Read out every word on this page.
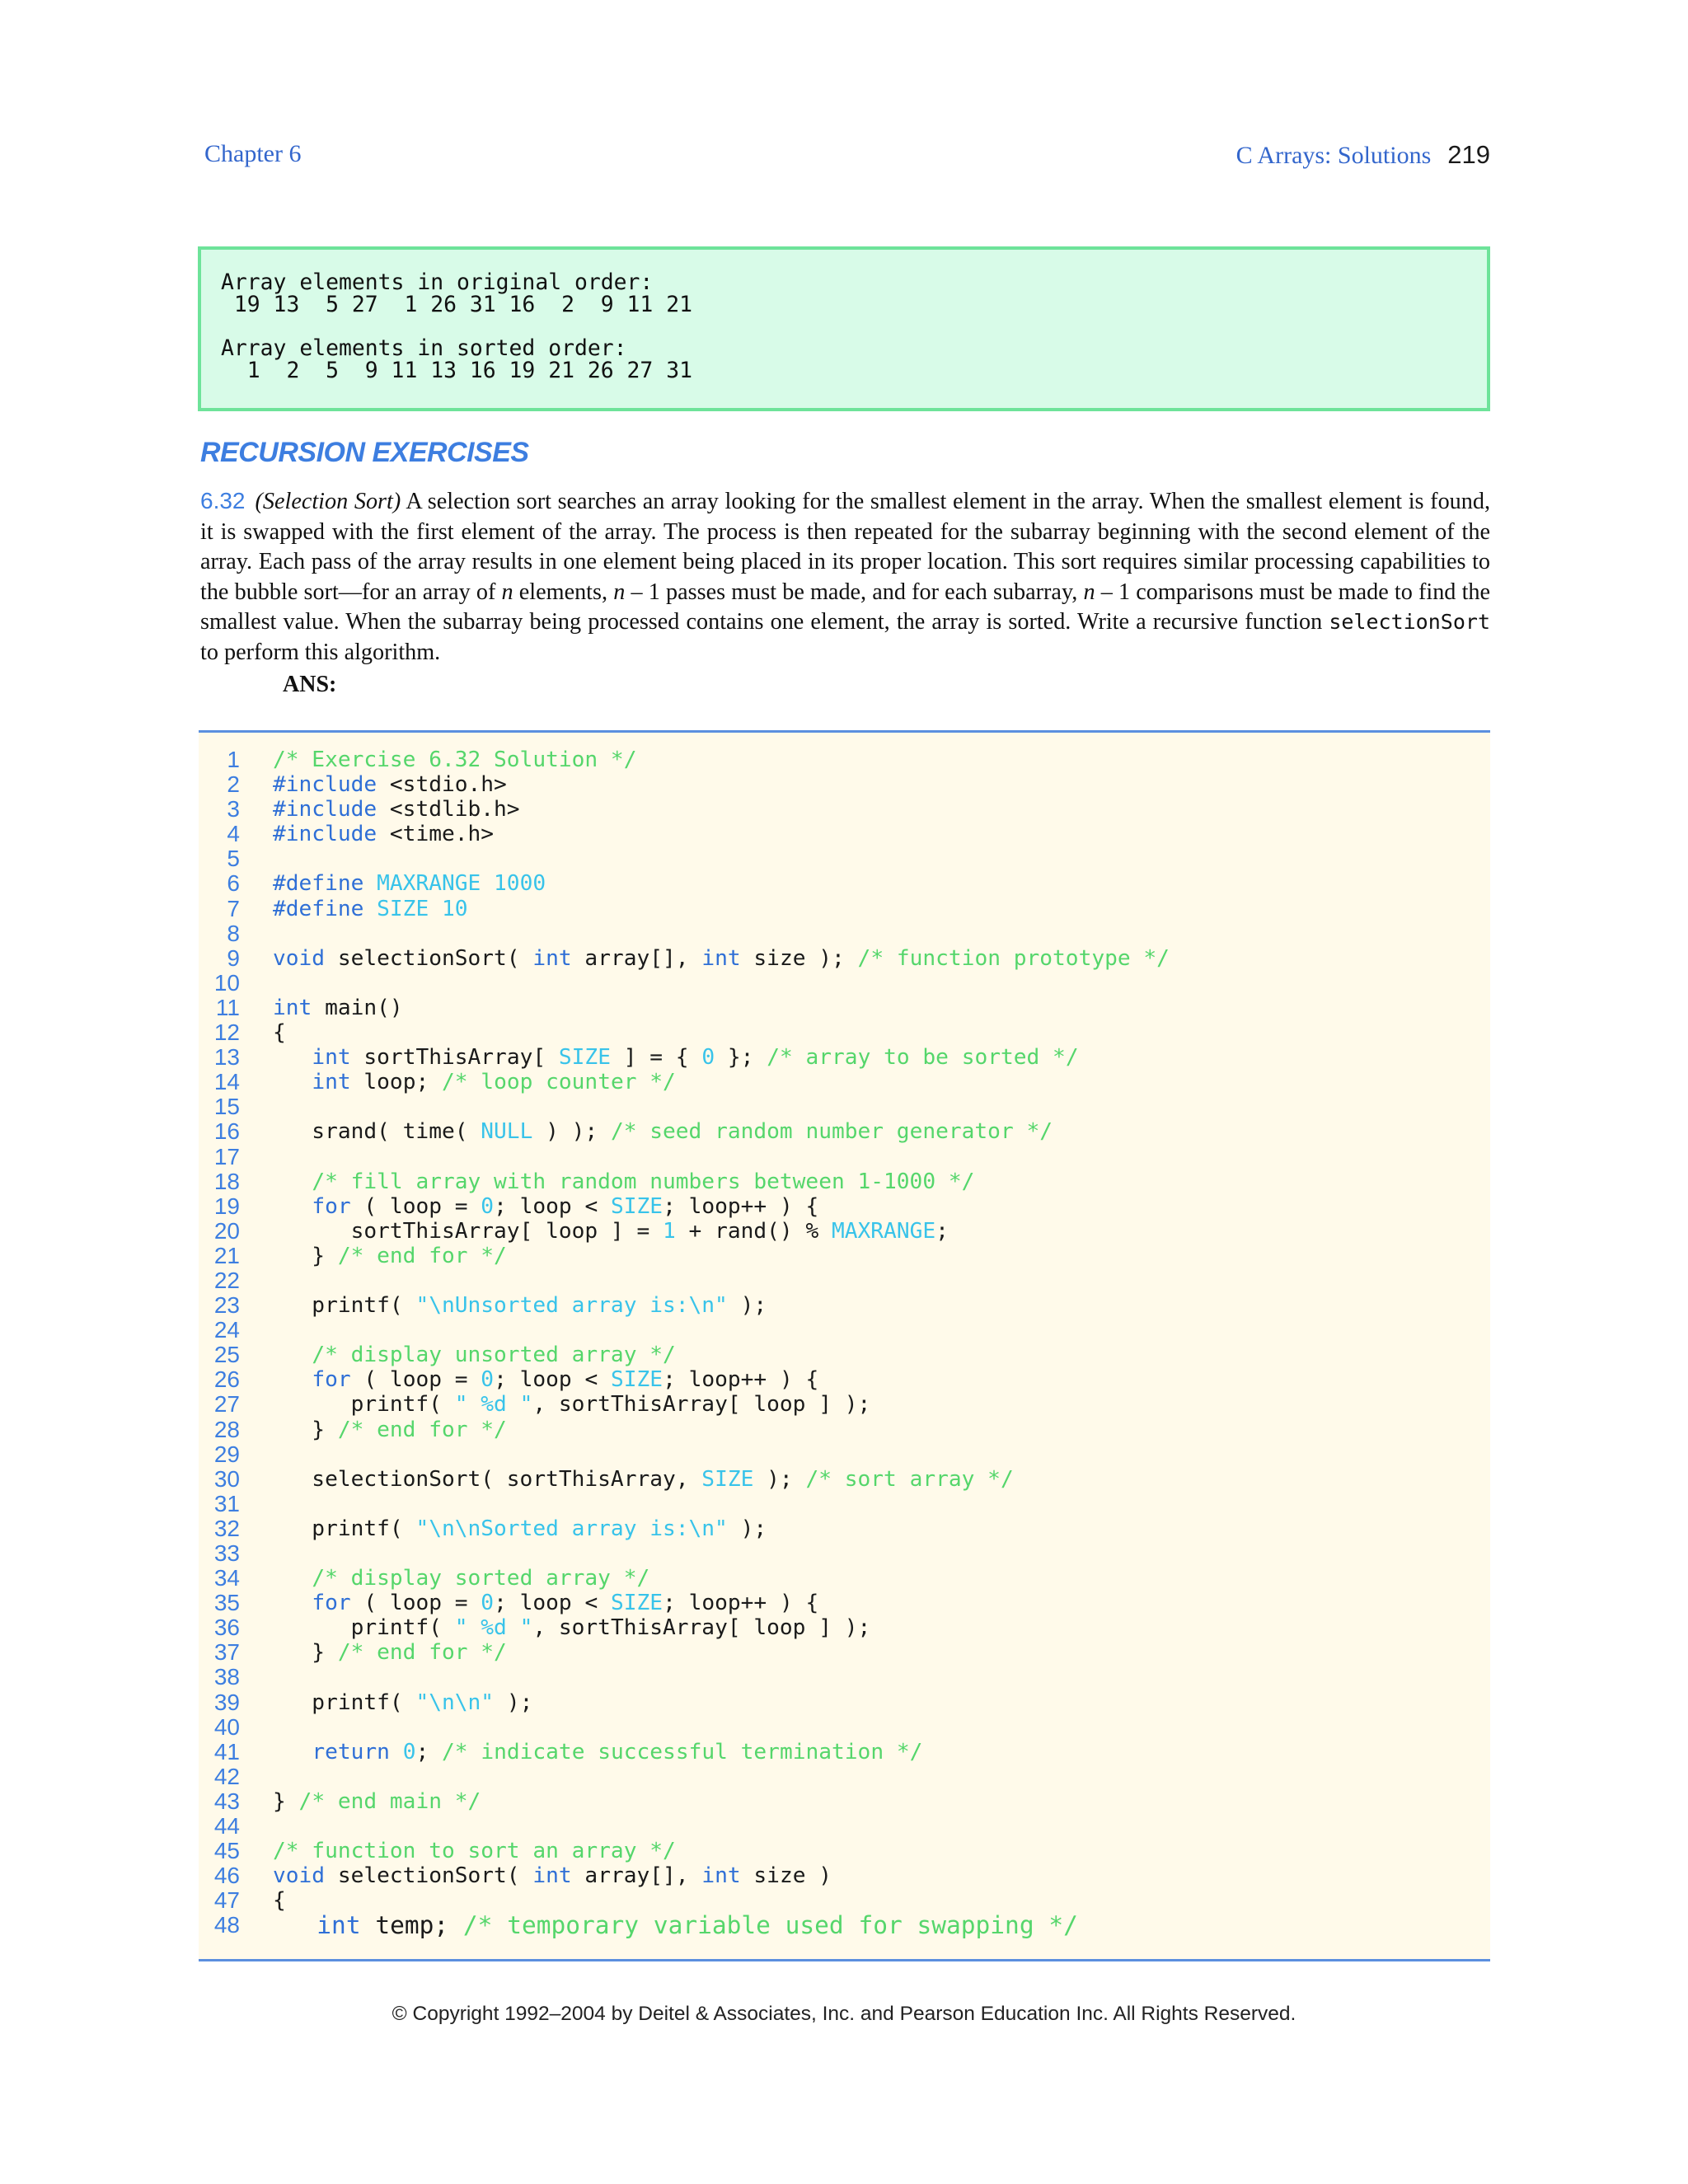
Chapter 6	C Arrays: Solutions 219
Array elements in original order:
19 13  5 27  1 26 31 16  2  9 11 21
Array elements in sorted order:
1  2  5  9 11 13 16 19 21 26 27 31
RECURSION EXERCISES
6.32 (Selection Sort) A selection sort searches an array looking for the smallest element in the array. When the smallest element is found, it is swapped with the first element of the array. The process is then repeated for the subarray beginning with the second element of the array. Each pass of the array results in one element being placed in its proper location. This sort requires similar processing capabilities to the bubble sort—for an array of n elements, n – 1 passes must be made, and for each subarray, n – 1 comparisons must be made to find the smallest value. When the subarray being processed contains one element, the array is sorted. Write a recursive function selectionSort to perform this algorithm.
ANS:
1 /* Exercise 6.32 Solution */
2 #include <stdio.h>
3 #include <stdlib.h>
4 #include <time.h>
5
6 #define MAXRANGE 1000
7 #define SIZE 10
8
9 void selectionSort( int array[], int size ); /* function prototype */
10
11 int main()
12 {
13	int sortThisArray[ SIZE ] = { 0 }; /* array to be sorted */
14	int loop; /* loop counter */
15
16 srand( time( NULL ) ); /* seed random number generator */
17
18	/* fill array with random numbers between 1-1000 */
19	for ( loop = 0; loop < SIZE; loop++ ) {
20 sortThisArray[ loop ] = 1 + rand() % MAXRANGE;
21 } /* end for */
22
23 printf( "\nUnsorted array is:\n" );
24
25	/* display unsorted array */
26	for ( loop = 0; loop < SIZE; loop++ ) {
27 printf( " %d ", sortThisArray[ loop ] );
28 } /* end for */
29
30 selectionSort( sortThisArray, SIZE ); /* sort array */
31
32 printf( "\n\nSorted array is:\n" );
33
34	/* display sorted array */
35	for ( loop = 0; loop < SIZE; loop++ ) {
36 printf( " %d ", sortThisArray[ loop ] );
37 } /* end for */
38
39 printf( "\n\n" );
40
41	return 0; /* indicate successful termination */
42
43 } /* end main */
44
45 /* function to sort an array */
46 void selectionSort( int array[], int size )
47 {
48	int temp; /* temporary variable used for swapping */
© Copyright 1992–2004 by Deitel & Associates, Inc. and Pearson Education Inc. All Rights Reserved.
